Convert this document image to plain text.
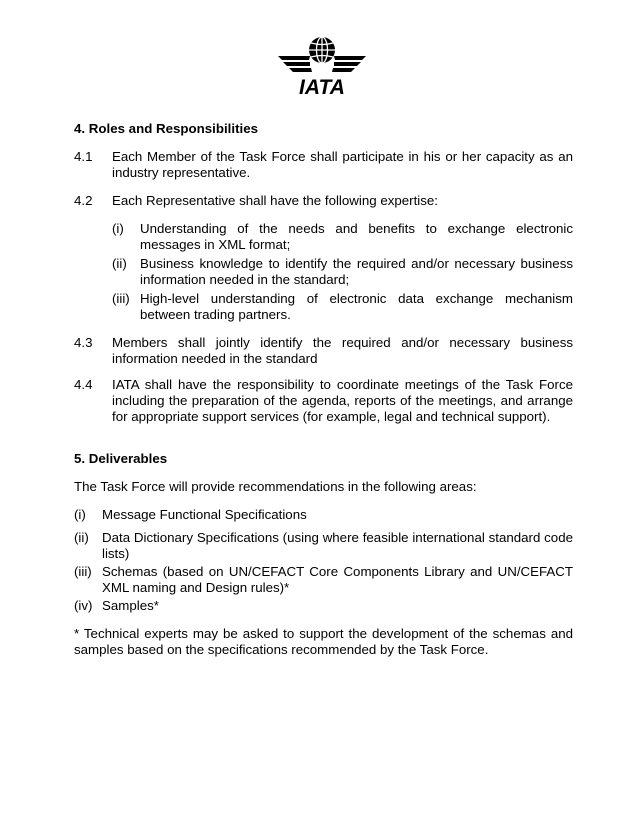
IATA
4. Roles and Responsibilities
4.1 Each Member of the Task Force shall participate in his or her capacity as an industry representative.
4.2 Each Representative shall have the following expertise:
(i) Understanding of the needs and benefits to exchange electronic messages in XML format;
(ii) Business knowledge to identify the required and/or necessary business information needed in the standard;
(iii) High-level understanding of electronic data exchange mechanism between trading partners.
4.3 Members shall jointly identify the required and/or necessary business information needed in the standard
4.4 IATA shall have the responsibility to coordinate meetings of the Task Force including the preparation of the agenda, reports of the meetings, and arrange for appropriate support services (for example, legal and technical support).
5. Deliverables
The Task Force will provide recommendations in the following areas:
(i) Message Functional Specifications
(ii) Data Dictionary Specifications (using where feasible international standard code lists)
(iii) Schemas (based on UN/CEFACT Core Components Library and UN/CEFACT XML naming and Design rules)*
(iv) Samples*
* Technical experts may be asked to support the development of the schemas and samples based on the specifications recommended by the Task Force.
